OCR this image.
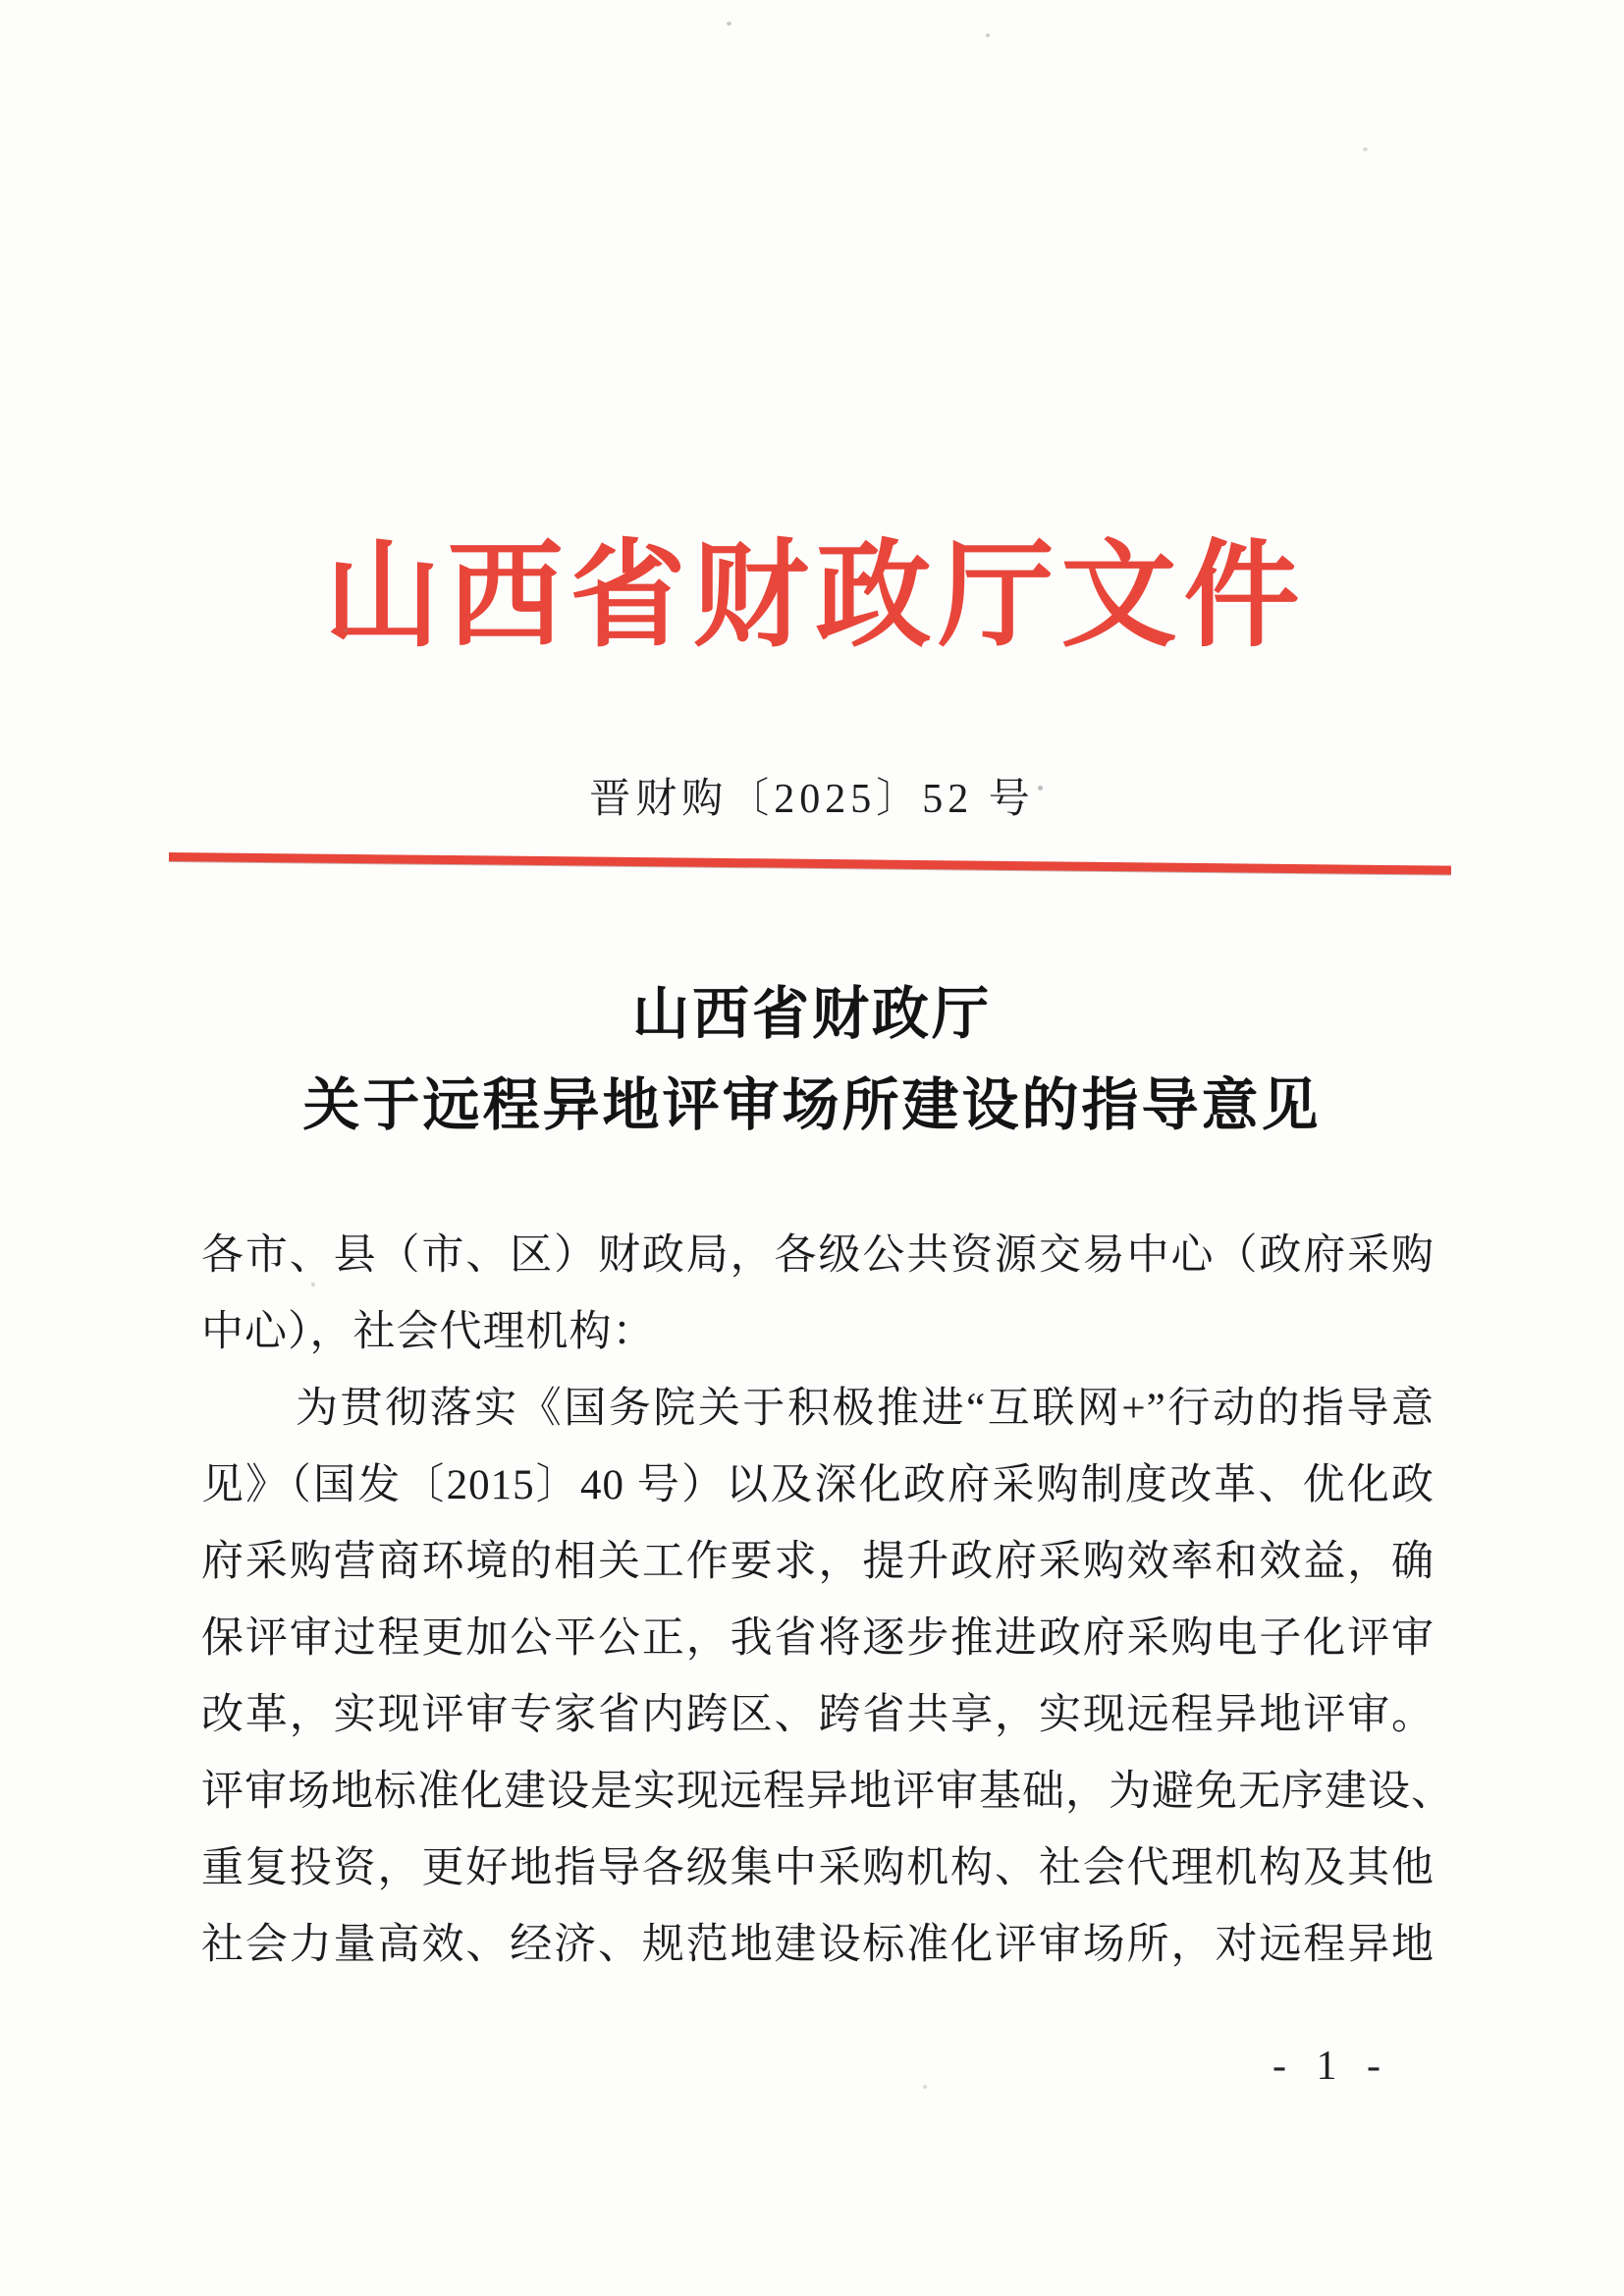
山西省财政厅文件
晋财购〔2025〕52 号
山西省财政厅
关于远程异地评审场所建设的指导意见
各市、县（市、区）财政局，各级公共资源交易中心（政府采购
中心），社会代理机构：
为贯彻落实《国务院关于积极推进“互联网+”行动的指导意
见》（国发〔2015〕40 号）以及深化政府采购制度改革、优化政
府采购营商环境的相关工作要求，提升政府采购效率和效益，确
保评审过程更加公平公正，我省将逐步推进政府采购电子化评审
改革，实现评审专家省内跨区、跨省共享，实现远程异地评审。
评审场地标准化建设是实现远程异地评审基础，为避免无序建设、
重复投资，更好地指导各级集中采购机构、社会代理机构及其他
社会力量高效、经济、规范地建设标准化评审场所，对远程异地
- 1 -
